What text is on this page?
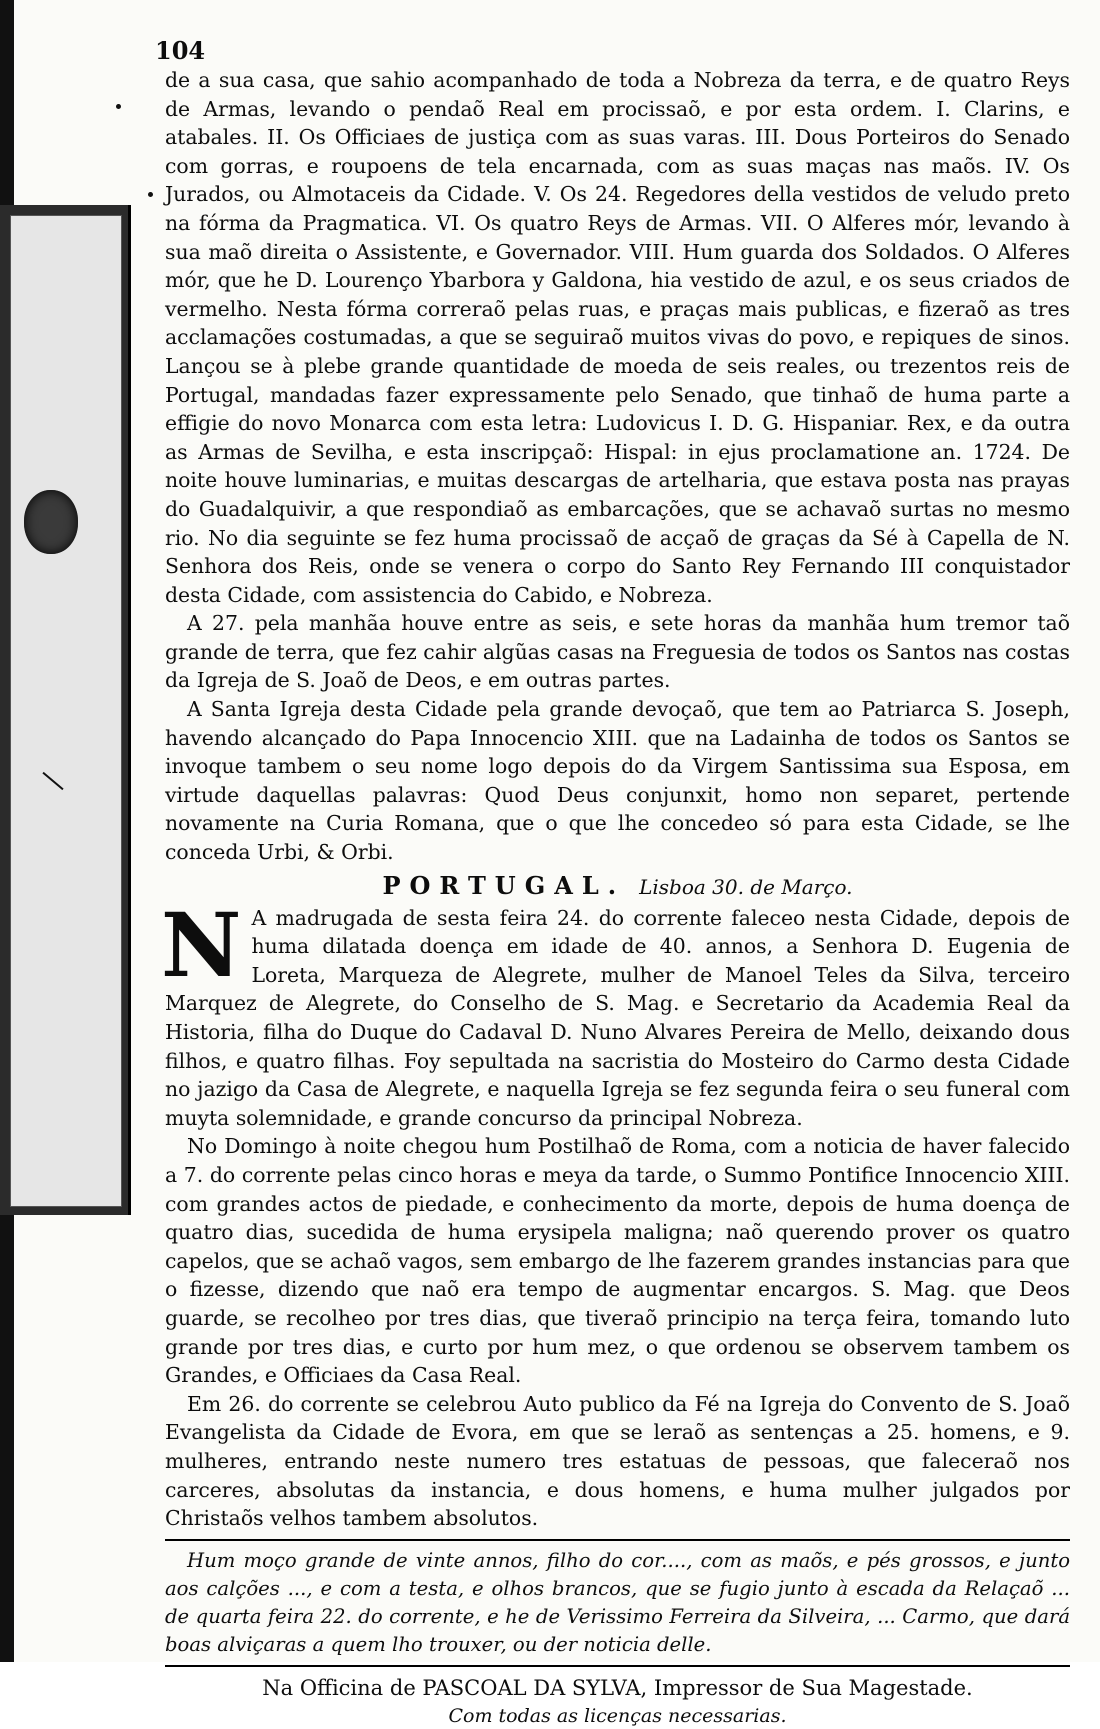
104

de a sua casa, que sahio acompanhado de toda a Nobreza da terra, e de quatro Reys de Armas, levando o pendaõ Real em procissaõ, e por esta ordem. I. Clarins, e atabales. II. Os Officiaes de justiça com as suas varas. III. Dous Porteiros do Senado com gorras, e roupoens de tela encarnada, com as suas maças nas maõs. IV. Os Jurados, ou Almotaceis da Cidade. V. Os 24. Regedores della vestidos de veludo preto na fórma da Pragmatica. VI. Os quatro Reys de Armas. VII. O Alferes mór, levando à sua maõ direita o Assistente, e Governador. VIII. Hum guarda dos Soldados. O Alferes mór, que he D. Lourenço Ybarbora y Galdona, hia vestido de azul, e os seus criados de vermelho. Nesta fórma correraõ pelas ruas, e praças mais publicas, e fizeraõ as tres acclamações costumadas, a que se seguiraõ muitos vivas do povo, e repiques de sinos. Lançou se à plebe grande quantidade de moeda de seis reales, ou trezentos reis de Portugal, mandadas fazer expressamente pelo Senado, que tinhaõ de huma parte a effigie do novo Monarca com esta letra: Ludovicus I. D. G. Hispaniar. Rex, e da outra as Armas de Sevilha, e esta inscripçaõ: Hispal: in ejus proclamatione an. 1724. De noite houve luminarias, e muitas descargas de artelharia, que estava posta nas prayas do Guadalquivir, a que respondiaõ as embarcações, que se achavaõ surtas no mesmo rio. No dia seguinte se fez huma procissaõ de acçaõ de graças da Sé à Capella de N. Senhora dos Reis, onde se venera o corpo do Santo Rey Fernando III conquistador desta Cidade, com assistencia do Cabido, e Nobreza.

A 27. pela manhãa houve entre as seis, e sete horas da manhãa hum tremor taõ grande de terra, que fez cahir algũas casas na Freguesia de todos os Santos nas costas da Igreja de S. Joaõ de Deos, e em outras partes.

A Santa Igreja desta Cidade pela grande devoçaõ, que tem ao Patriarca S. Joseph, havendo alcançado do Papa Innocencio XIII. que na Ladainha de todos os Santos se invoque tambem o seu nome logo depois do da Virgem Santissima sua Esposa, em virtude daquellas palavras: Quod Deus conjunxit, homo non separet, pertende novamente na Curia Romana, que o que lhe concedeo só para esta Cidade, se lhe conceda Urbi, & Orbi.

PORTUGAL. Lisboa 30. de Março.
N A madrugada de sesta feira 24. do corrente faleceo nesta Cidade, depois de huma dilatada doença em idade de 40. annos, a Senhora D. Eugenia de Loreta, Marqueza de Alegrete, mulher de Manoel Teles da Silva, terceiro Marquez de Alegrete, do Conselho de S. Mag. e Secretario da Academia Real da Historia, filha do Duque do Cadaval D. Nuno Alvares Pereira de Mello, deixando dous filhos, e quatro filhas. Foy sepultada na sacristia do Mosteiro do Carmo desta Cidade no jazigo da Casa de Alegrete, e naquella Igreja se fez segunda feira o seu funeral com muyta solemnidade, e grande concurso da principal Nobreza.

No Domingo à noite chegou hum Postilhaõ de Roma, com a noticia de haver falecido a 7. do corrente pelas cinco horas e meya da tarde, o Summo Pontifice Innocencio XIII. com grandes actos de piedade, e conhecimento da morte, depois de huma doença de quatro dias, sucedida de huma erysipela maligna; naõ querendo prover os quatro capelos, que se achaõ vagos, sem embargo de lhe fazerem grandes instancias para que o fizesse, dizendo que naõ era tempo de augmentar encargos. S. Mag. que Deos guarde, se recolheo por tres dias, que tiveraõ principio na terça feira, tomando luto grande por tres dias, e curto por hum mez, o que ordenou se observem tambem os Grandes, e Officiaes da Casa Real.

Em 26. do corrente se celebrou Auto publico da Fé na Igreja do Convento de S. Joaõ Evangelista da Cidade de Evora, em que se leraõ as sentenças a 25. homens, e 9. mulheres, entrando neste numero tres estatuas de pessoas, que faleceraõ nos carceres, absolutas da instancia, e dous homens, e huma mulher julgados por Christaõs velhos tambem absolutos.

Hum moço grande de vinte annos, filho do cor...., com as maõs, e pés grossos, e junto aos calções ..., e com a testa, e olhos brancos, que se fugio junto à escada da Relaçaõ ... de quarta feira 22. do corrente, e he de Verissimo Ferreira da Silveira, ... Carmo, que dará boas alviçaras a quem lho trouxer, ou der noticia delle.

Na Officina de PASCOAL DA SYLVA, Impressor de Sua Magestade.
Com todas as licenças necessarias.
